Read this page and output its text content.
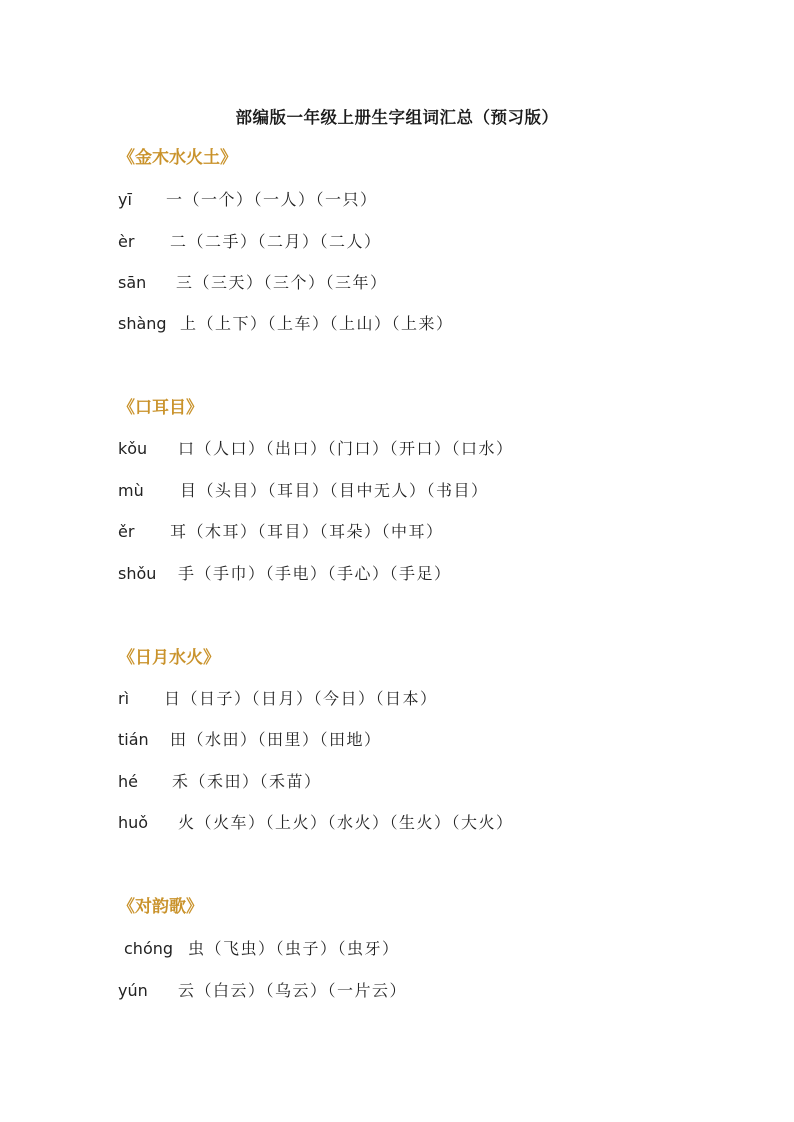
部编版一年级上册生字组词汇总（预习版）
《金木水火土》
yī 一（一个）（一人）（一只）
èr 二（二手）（二月）（二人）
sān 三（三天）（三个）（三年）
shàng 上（上下）（上车）（上山）（上来）
《口耳目》
kǒu 口（人口）（出口）（门口）（开口）（口水）
mù 目（头目）（耳目）（目中无人）（书目）
ěr 耳（木耳）（耳目）（耳朵）（中耳）
shǒu 手（手巾）（手电）（手心）（手足）
《日月水火》
rì 日（日子）（日月）（今日）（日本）
tián 田（水田）（田里）（田地）
hé 禾（禾田）（禾苗）
huǒ 火（火车）（上火）（水火）（生火）（大火）
《对韵歌》
chóng 虫（飞虫）（虫子）（虫牙）
yún 云（白云）（乌云）（一片云）
